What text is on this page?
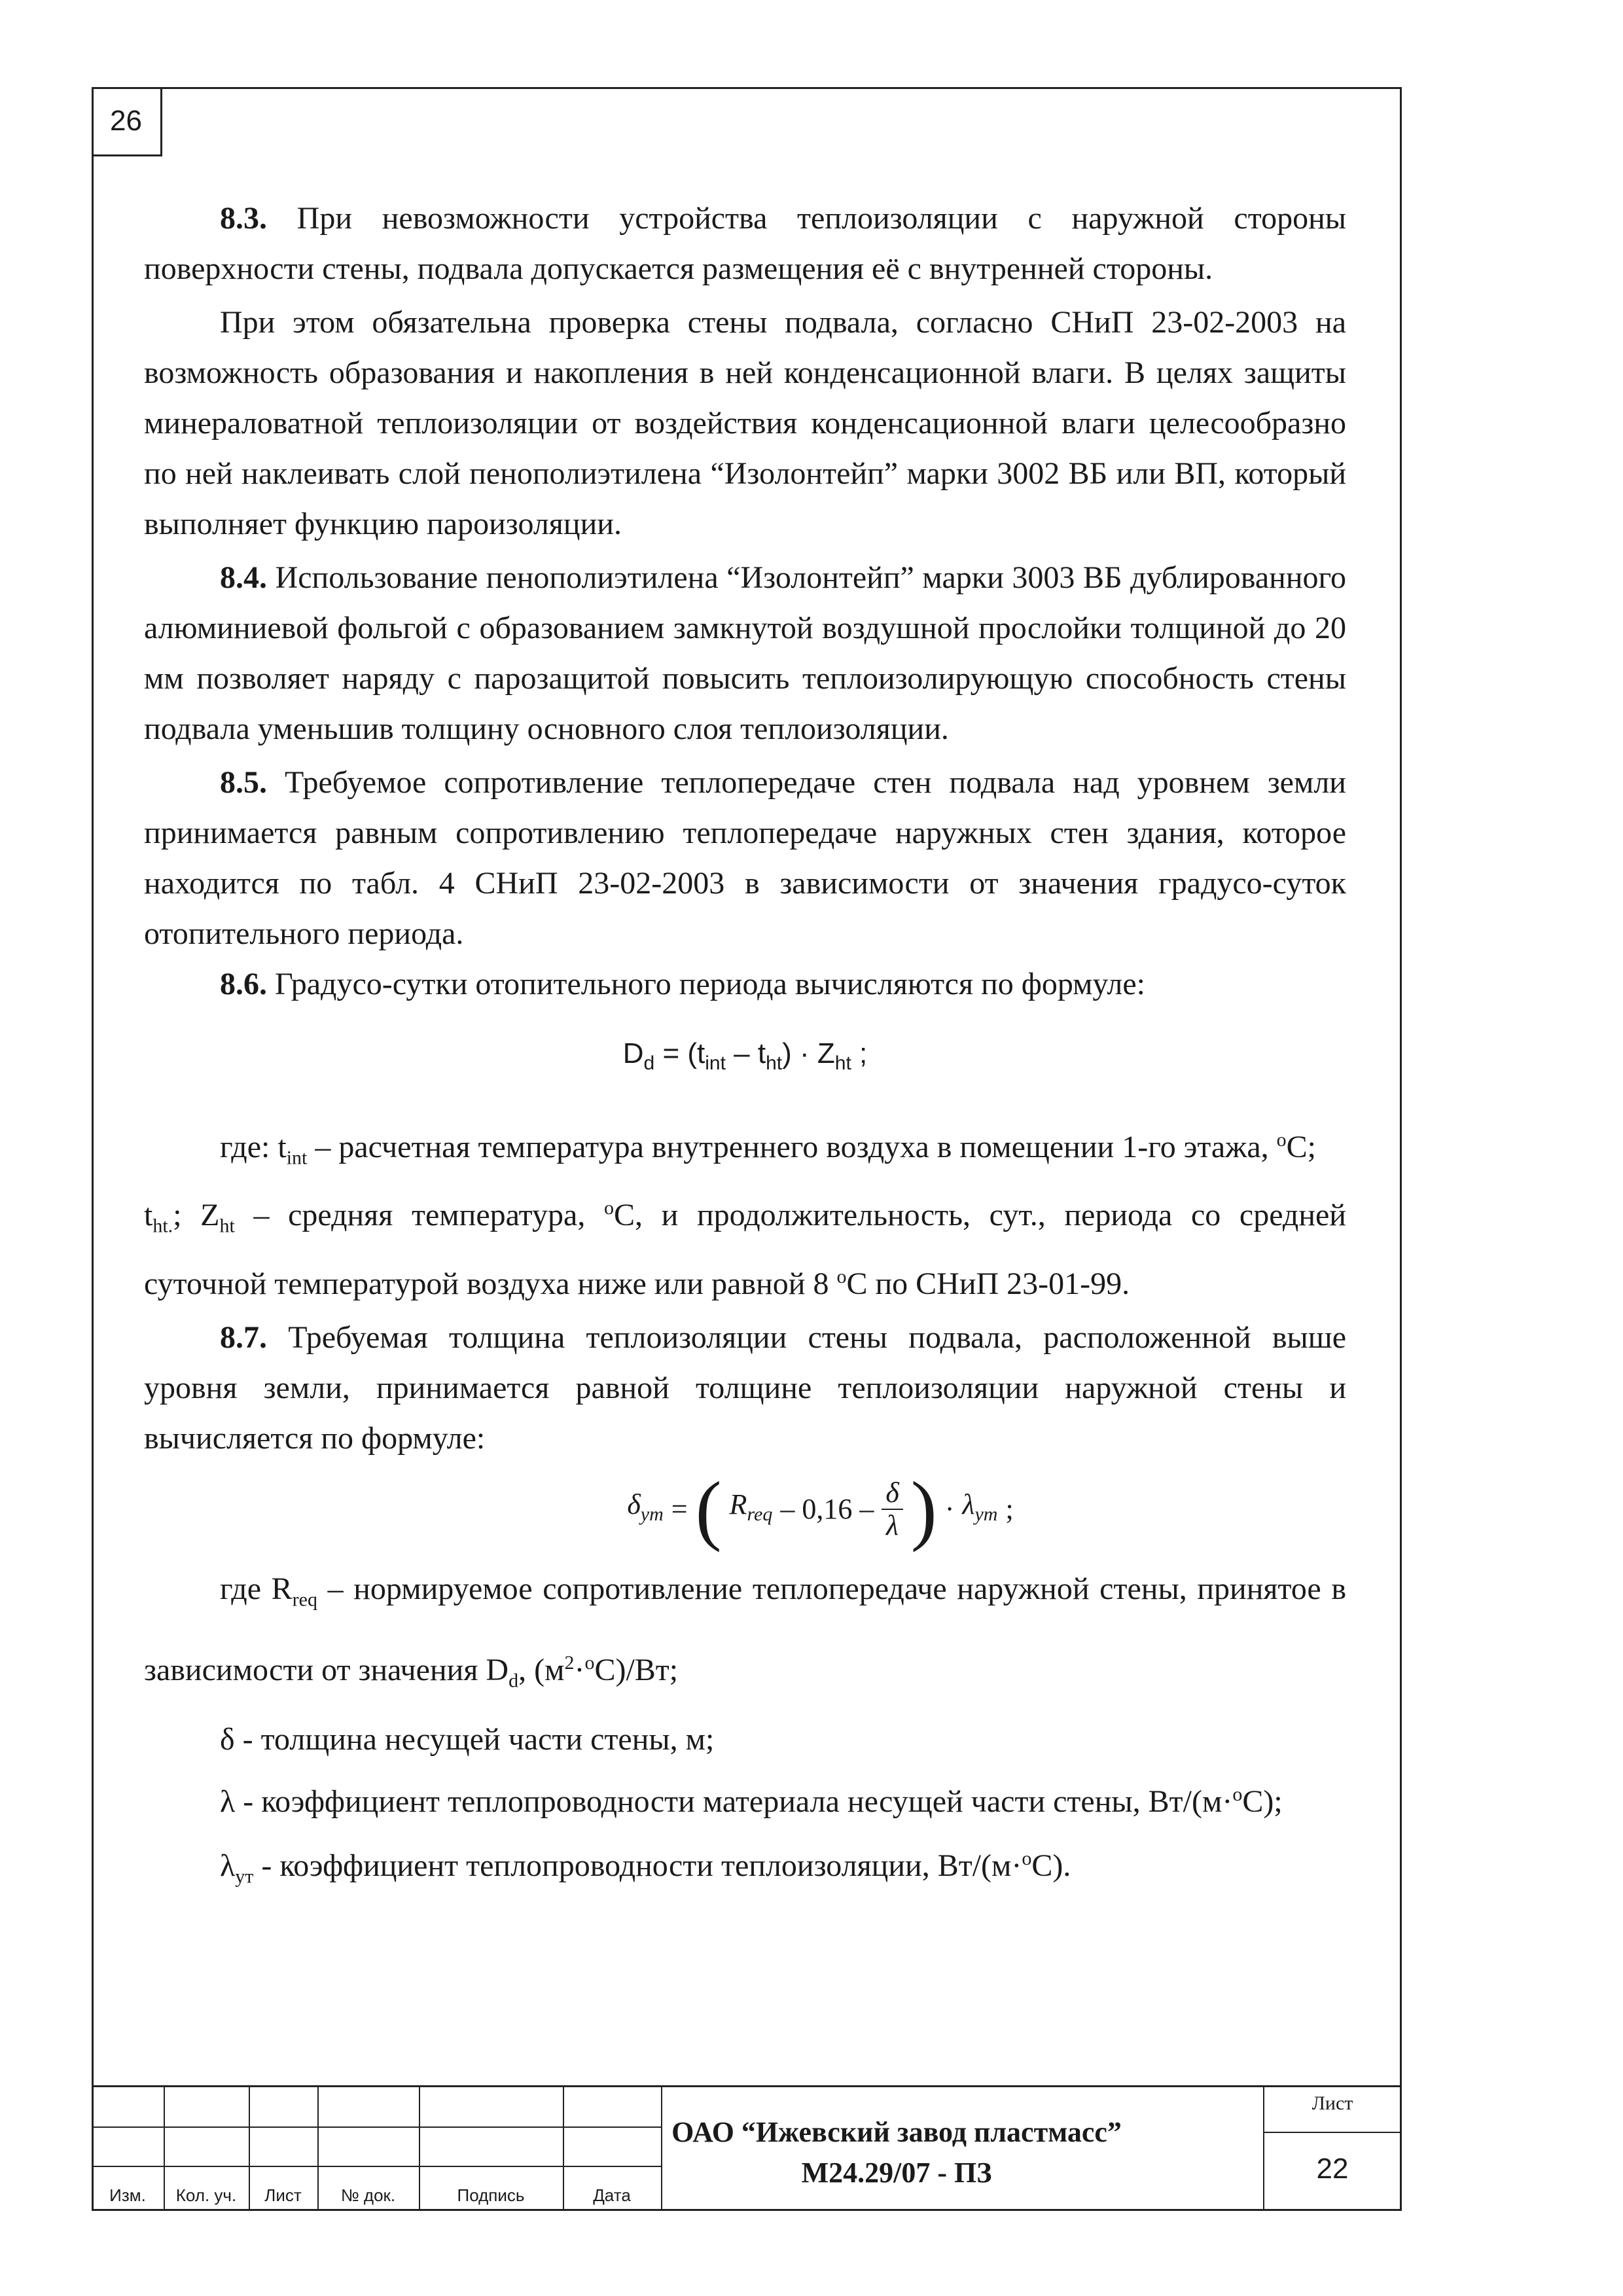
26

8.3. При невозможности устройства теплоизоляции с наружной стороны поверхности стены, подвала допускается размещения её с внутренней стороны.

При этом обязательна проверка стены подвала, согласно СНиП 23-02-2003 на возможность образования и накопления в ней конденсационной влаги. В целях защиты минераловатной теплоизоляции от воздействия конденсационной влаги целесообразно по ней наклеивать слой пенополиэтилена “Изолонтейп” марки 3002 ВБ или ВП, который выполняет функцию пароизоляции.

8.4. Использование пенополиэтилена “Изолонтейп” марки 3003 ВБ дублированного алюминиевой фольгой с образованием замкнутой воздушной прослойки толщиной до 20 мм позволяет наряду с парозащитой повысить теплоизолирующую способность стены подвала уменьшив толщину основного слоя теплоизоляции.

8.5. Требуемое сопротивление теплопередаче стен подвала над уровнем земли принимается равным сопротивлению теплопередаче наружных стен здания, которое находится по табл. 4 СНиП 23-02-2003 в зависимости от значения градусо-суток отопительного периода.

8.6. Градусо-сутки отопительного периода вычисляются по формуле:

$D_d = (t_{int} - t_{ht}) \cdot Z_{ht}$ ;

где: $t_{int}$ – расчетная температура внутреннего воздуха в помещении 1-го этажа, $^o$С;

$t_{ht.}$; $Z_{ht}$ – средняя температура, $^o$С, и продолжительность, сут., периода со средней суточной температурой воздуха ниже или равной 8 $^o$С по СНиП 23-01-99.

8.7. Требуемая толщина теплоизоляции стены подвала, расположенной выше уровня земли, принимается равной толщине теплоизоляции наружной стены и вычисляется по формуле:

$\delta_{ут}$ = ( $R_{req} - 0,16 - \frac{\delta}{\lambda}$ ) · $\lambda_{ут}$ ;

где $R_{req}$ – нормируемое сопротивление теплопередаче наружной стены, принятое в зависимости от значения $D_d$, $(м^2\cdot^оС)/Вт$;

δ - толщина несущей части стены, м;

λ - коэффициент теплопроводности материала несущей части стены, Вт/(м·$^о$С);

$\lambda_{ут}$ - коэффициент теплопроводности теплоизоляции, Вт/(м·$^о$С).

Изм.	Кол. уч.	Лист	№ док.	Подпись	Дата
ОАО “Ижевский завод пластмасс”
М24.29/07 - ПЗ
Лист
22
